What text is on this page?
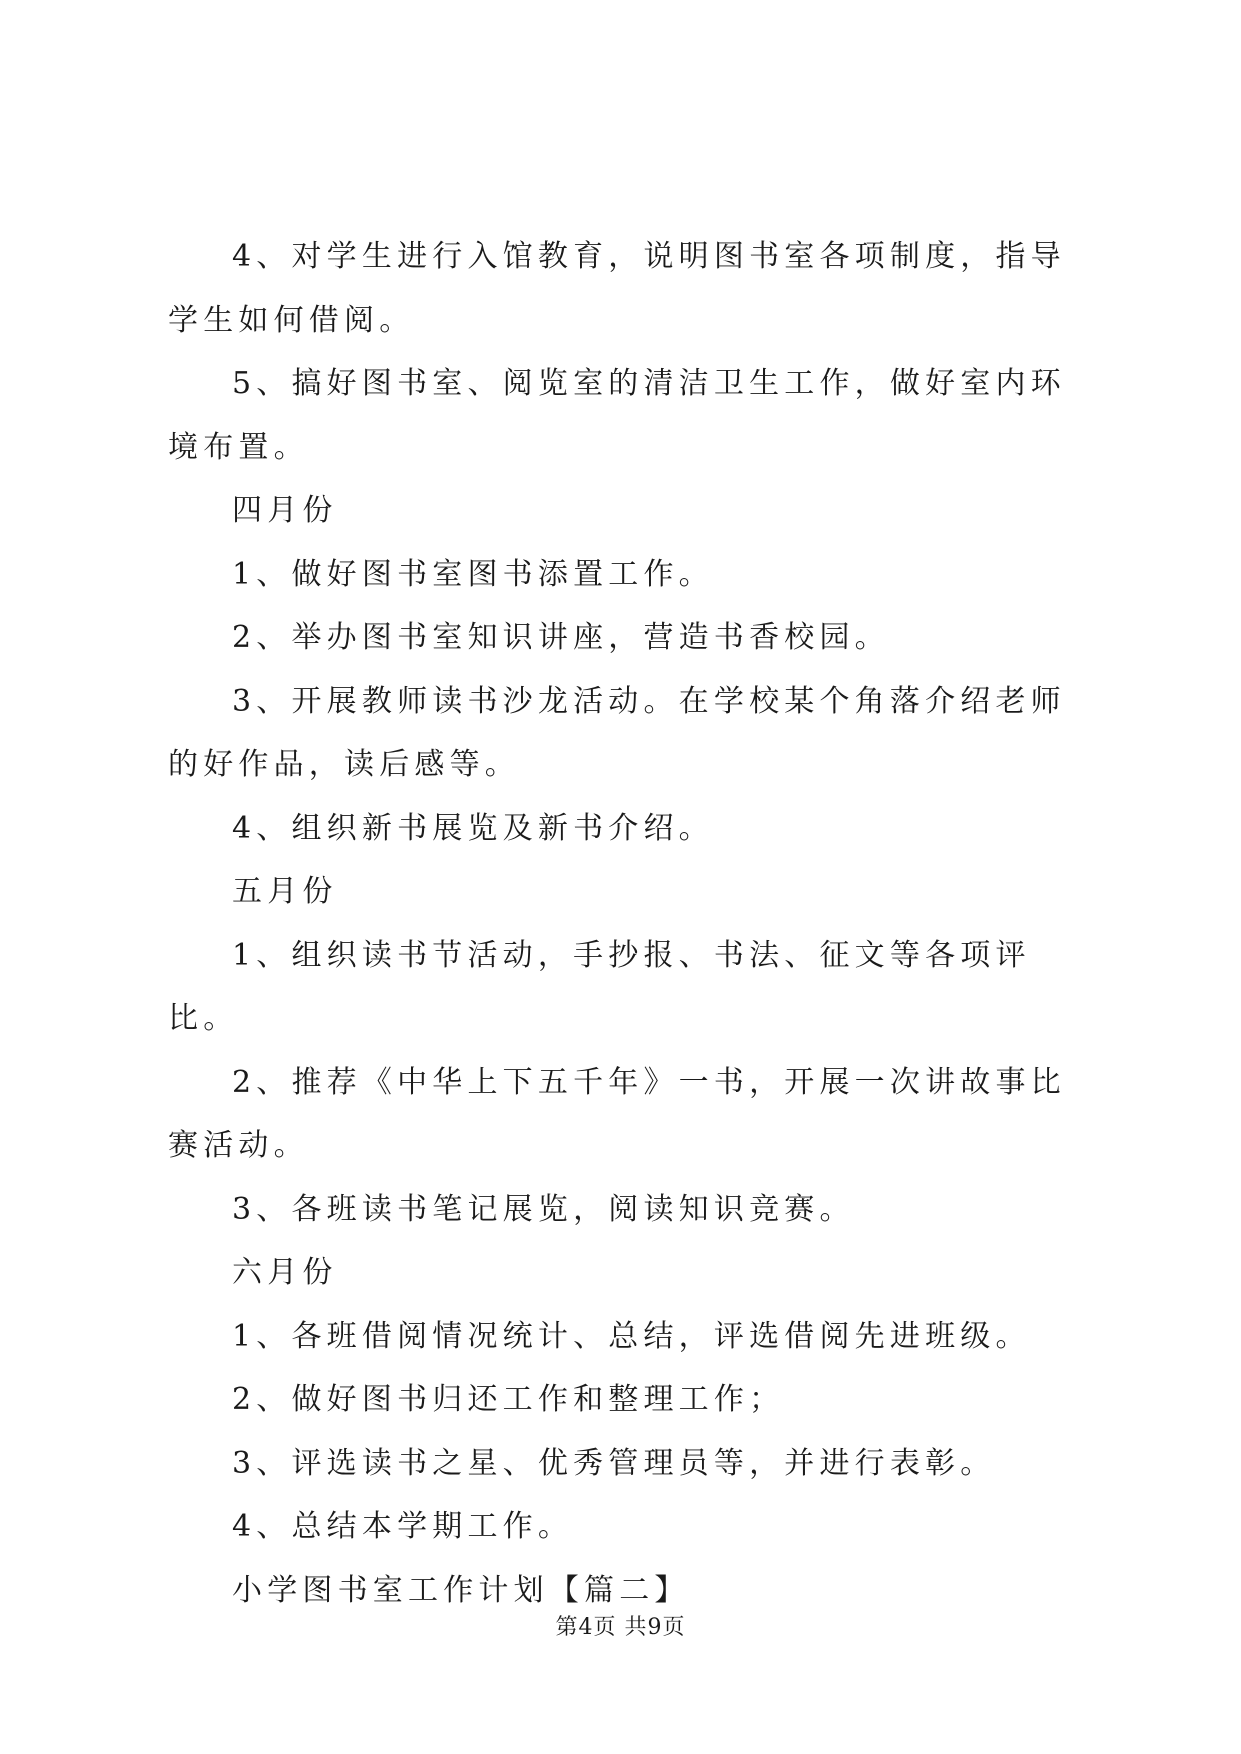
4、对学生进行入馆教育，说明图书室各项制度，指导学生如何借阅。

5、搞好图书室、阅览室的清洁卫生工作，做好室内环境布置。

四月份

1、做好图书室图书添置工作。

2、举办图书室知识讲座，营造书香校园。

3、开展教师读书沙龙活动。在学校某个角落介绍老师的好作品，读后感等。

4、组织新书展览及新书介绍。

五月份

1、组织读书节活动，手抄报、书法、征文等各项评比。

2、推荐《中华上下五千年》一书，开展一次讲故事比赛活动。

3、各班读书笔记展览，阅读知识竞赛。

六月份

1、各班借阅情况统计、总结，评选借阅先进班级。

2、做好图书归还工作和整理工作；

3、评选读书之星、优秀管理员等，并进行表彰。

4、总结本学期工作。

小学图书室工作计划【篇二】

第4页 共9页
